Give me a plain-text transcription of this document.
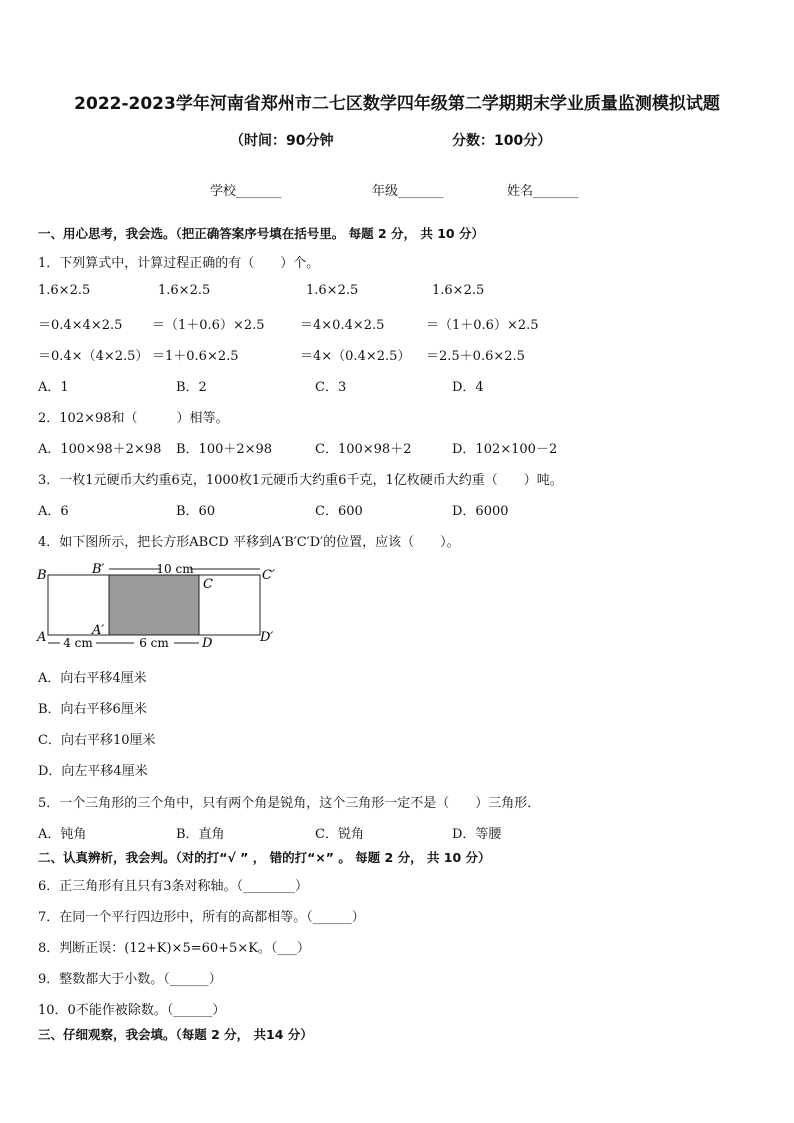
2022-2023学年河南省郑州市二七区数学四年级第二学期期末学业质量监测模拟试题
（时间：90分钟	分数：100分）
学校_______	年级_______	姓名_______
一、用心思考，我会选。（把正确答案序号填在括号里。 每题 2 分， 共 10 分）
1．下列算式中，计算过程正确的有（　　）个。
1.6×2.5
＝0.4×4×2.5
＝0.4×（4×2.5）
1.6×2.5
＝（1＋0.6）×2.5
＝1＋0.6×2.5
1.6×2.5
＝4×0.4×2.5
＝4×（0.4×2.5）
1.6×2.5
＝（1＋0.6）×2.5
＝2.5＋0.6×2.5
A．1	B．2	C．3	D．4
2．102×98和（　　　）相等。
A．100×98＋2×98 B．100＋2×98	C．100×98＋2	D．102×100－2
3．一枚1元硬币大约重6克，1000枚1元硬币大约重6千克，1亿枚硬币大约重（　　）吨。
A．6	B．60	C．600	D．6000
4．如下图所示，把长方形ABCD 平移到A′B′C′D′的位置，应该（　　）。
10 cm
4 cm	6 cm
B	B′
C
C′
A	A′
D	D′
A．向右平移4厘米
B．向右平移6厘米
C．向右平移10厘米
D．向左平移4厘米
5．一个三角形的三个角中，只有两个角是锐角，这个三角形一定不是（　　）三角形．
A．钝角	B．直角	C．锐角	D．等腰
二、认真辨析，我会判。（对的打“√ ” ， 错的打“×” 。 每题 2 分， 共 10 分）
6．正三角形有且只有3条对称轴。（________）
7．在同一个平行四边形中，所有的高都相等。（______）
8．判断正误：(12+K)×5=60+5×K。（___）
9．整数都大于小数。（______）
10．0不能作被除数。（______）
三、仔细观察，我会填。（每题 2 分， 共14 分）
